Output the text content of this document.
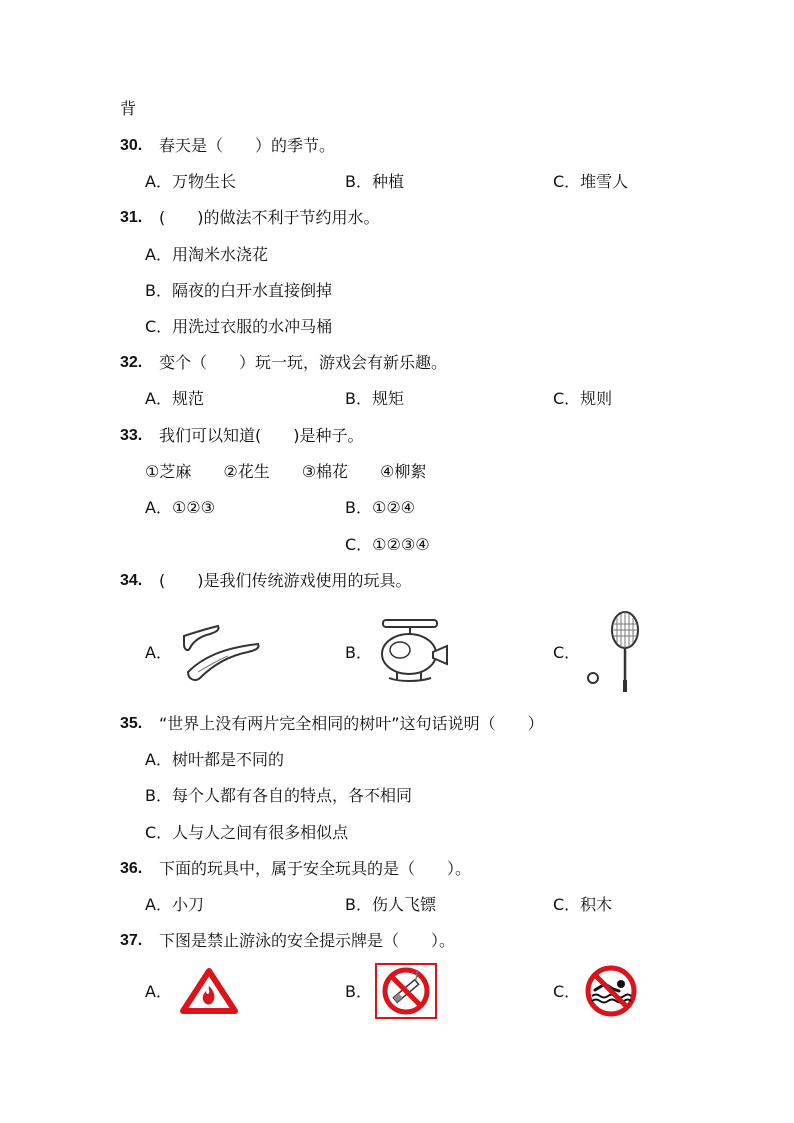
背
30. 春天是（　　）的季节。
A．万物生长	B．种植	C．堆雪人
31. (　　)的做法不利于节约用水。
A．用淘米水浇花
B．隔夜的白开水直接倒掉
C．用洗过衣服的水冲马桶
32. 变个（　　）玩一玩，游戏会有新乐趣。
A．规范	B．规矩	C．规则
33. 我们可以知道(　　)是种子。
①芝麻　　②花生　　③棉花　　④柳絮
A．①②③	B．①②④
C．①②③④
34. (　　)是我们传统游戏使用的玩具。
A．	B．	C．
35. “世界上没有两片完全相同的树叶”这句话说明（　　）
A．树叶都是不同的
B．每个人都有各自的特点，各不相同
C．人与人之间有很多相似点
36. 下面的玩具中，属于安全玩具的是（　　）。
A．小刀	B．伤人飞镖	C．积木
37. 下图是禁止游泳的安全提示牌是（　　）。
A．	B．	C．
